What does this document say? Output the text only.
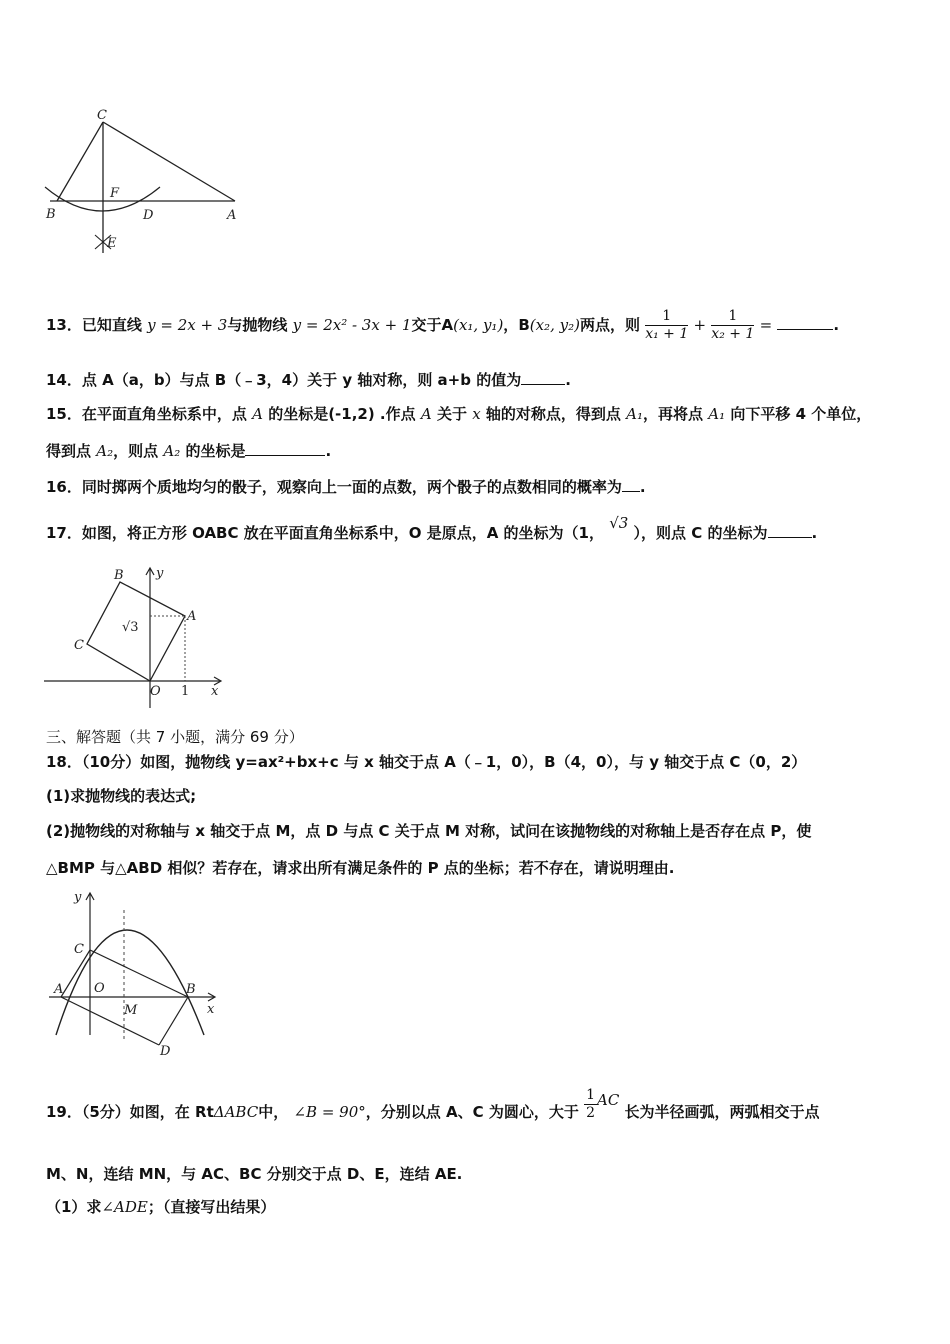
C
F
B	D	A
E
13．已知直线 y = 2x + 3与抛物线 y = 2x² - 3x + 1交于A(x₁, y₁)，B(x₂, y₂)两点，则 $\frac{1}{\text{x₁ + 1}} + \frac{1}{\text{x₂ + 1}}$ =	.
14．点 A（a，b）与点 B（﹣3，4）关于 y 轴对称，则 a+b 的值为	.
15．在平面直角坐标系中，点 A 的坐标是(-1,2) .作点 A 关于 x 轴的对称点，得到点 A₁，再将点 A₁ 向下平移 4 个单位，
得到点 A₂，则点 A₂ 的坐标是	.
16．同时掷两个质地均匀的骰子，观察向上一面的点数，两个骰子的点数相同的概率为 .
17．如图，将正方形 OABC 放在平面直角坐标系中，O 是原点，A 的坐标为（1， √3 ），则点 C 的坐标为	.
B y
A
√3
C
O 1 x
三、解答题（共 7 小题，满分 69 分）
18．（10分）如图，抛物线 y=ax²+bx+c 与 x 轴交于点 A（﹣1，0），B（4，0），与 y 轴交于点 C（0，2）
(1)求抛物线的表达式;
(2)抛物线的对称轴与 x 轴交于点 M，点 D 与点 C 关于点 M 对称，试问在该抛物线的对称轴上是否存在点 P，使
△BMP 与△ABD 相似？若存在，请求出所有满足条件的 P 点的坐标；若不存在，请说明理由.
y
C
A O
M
B
x
D
19．（5分）如图，在 RtΔABC中， ∠B = 90°，分别以点 A、C 为圆心，大于 $\frac{1}{2}$ AC 长为半径画弧，两弧相交于点
M、N，连结 MN，与 AC、BC 分别交于点 D、E，连结 AE.
（1）求∠ADE；（直接写出结果）
